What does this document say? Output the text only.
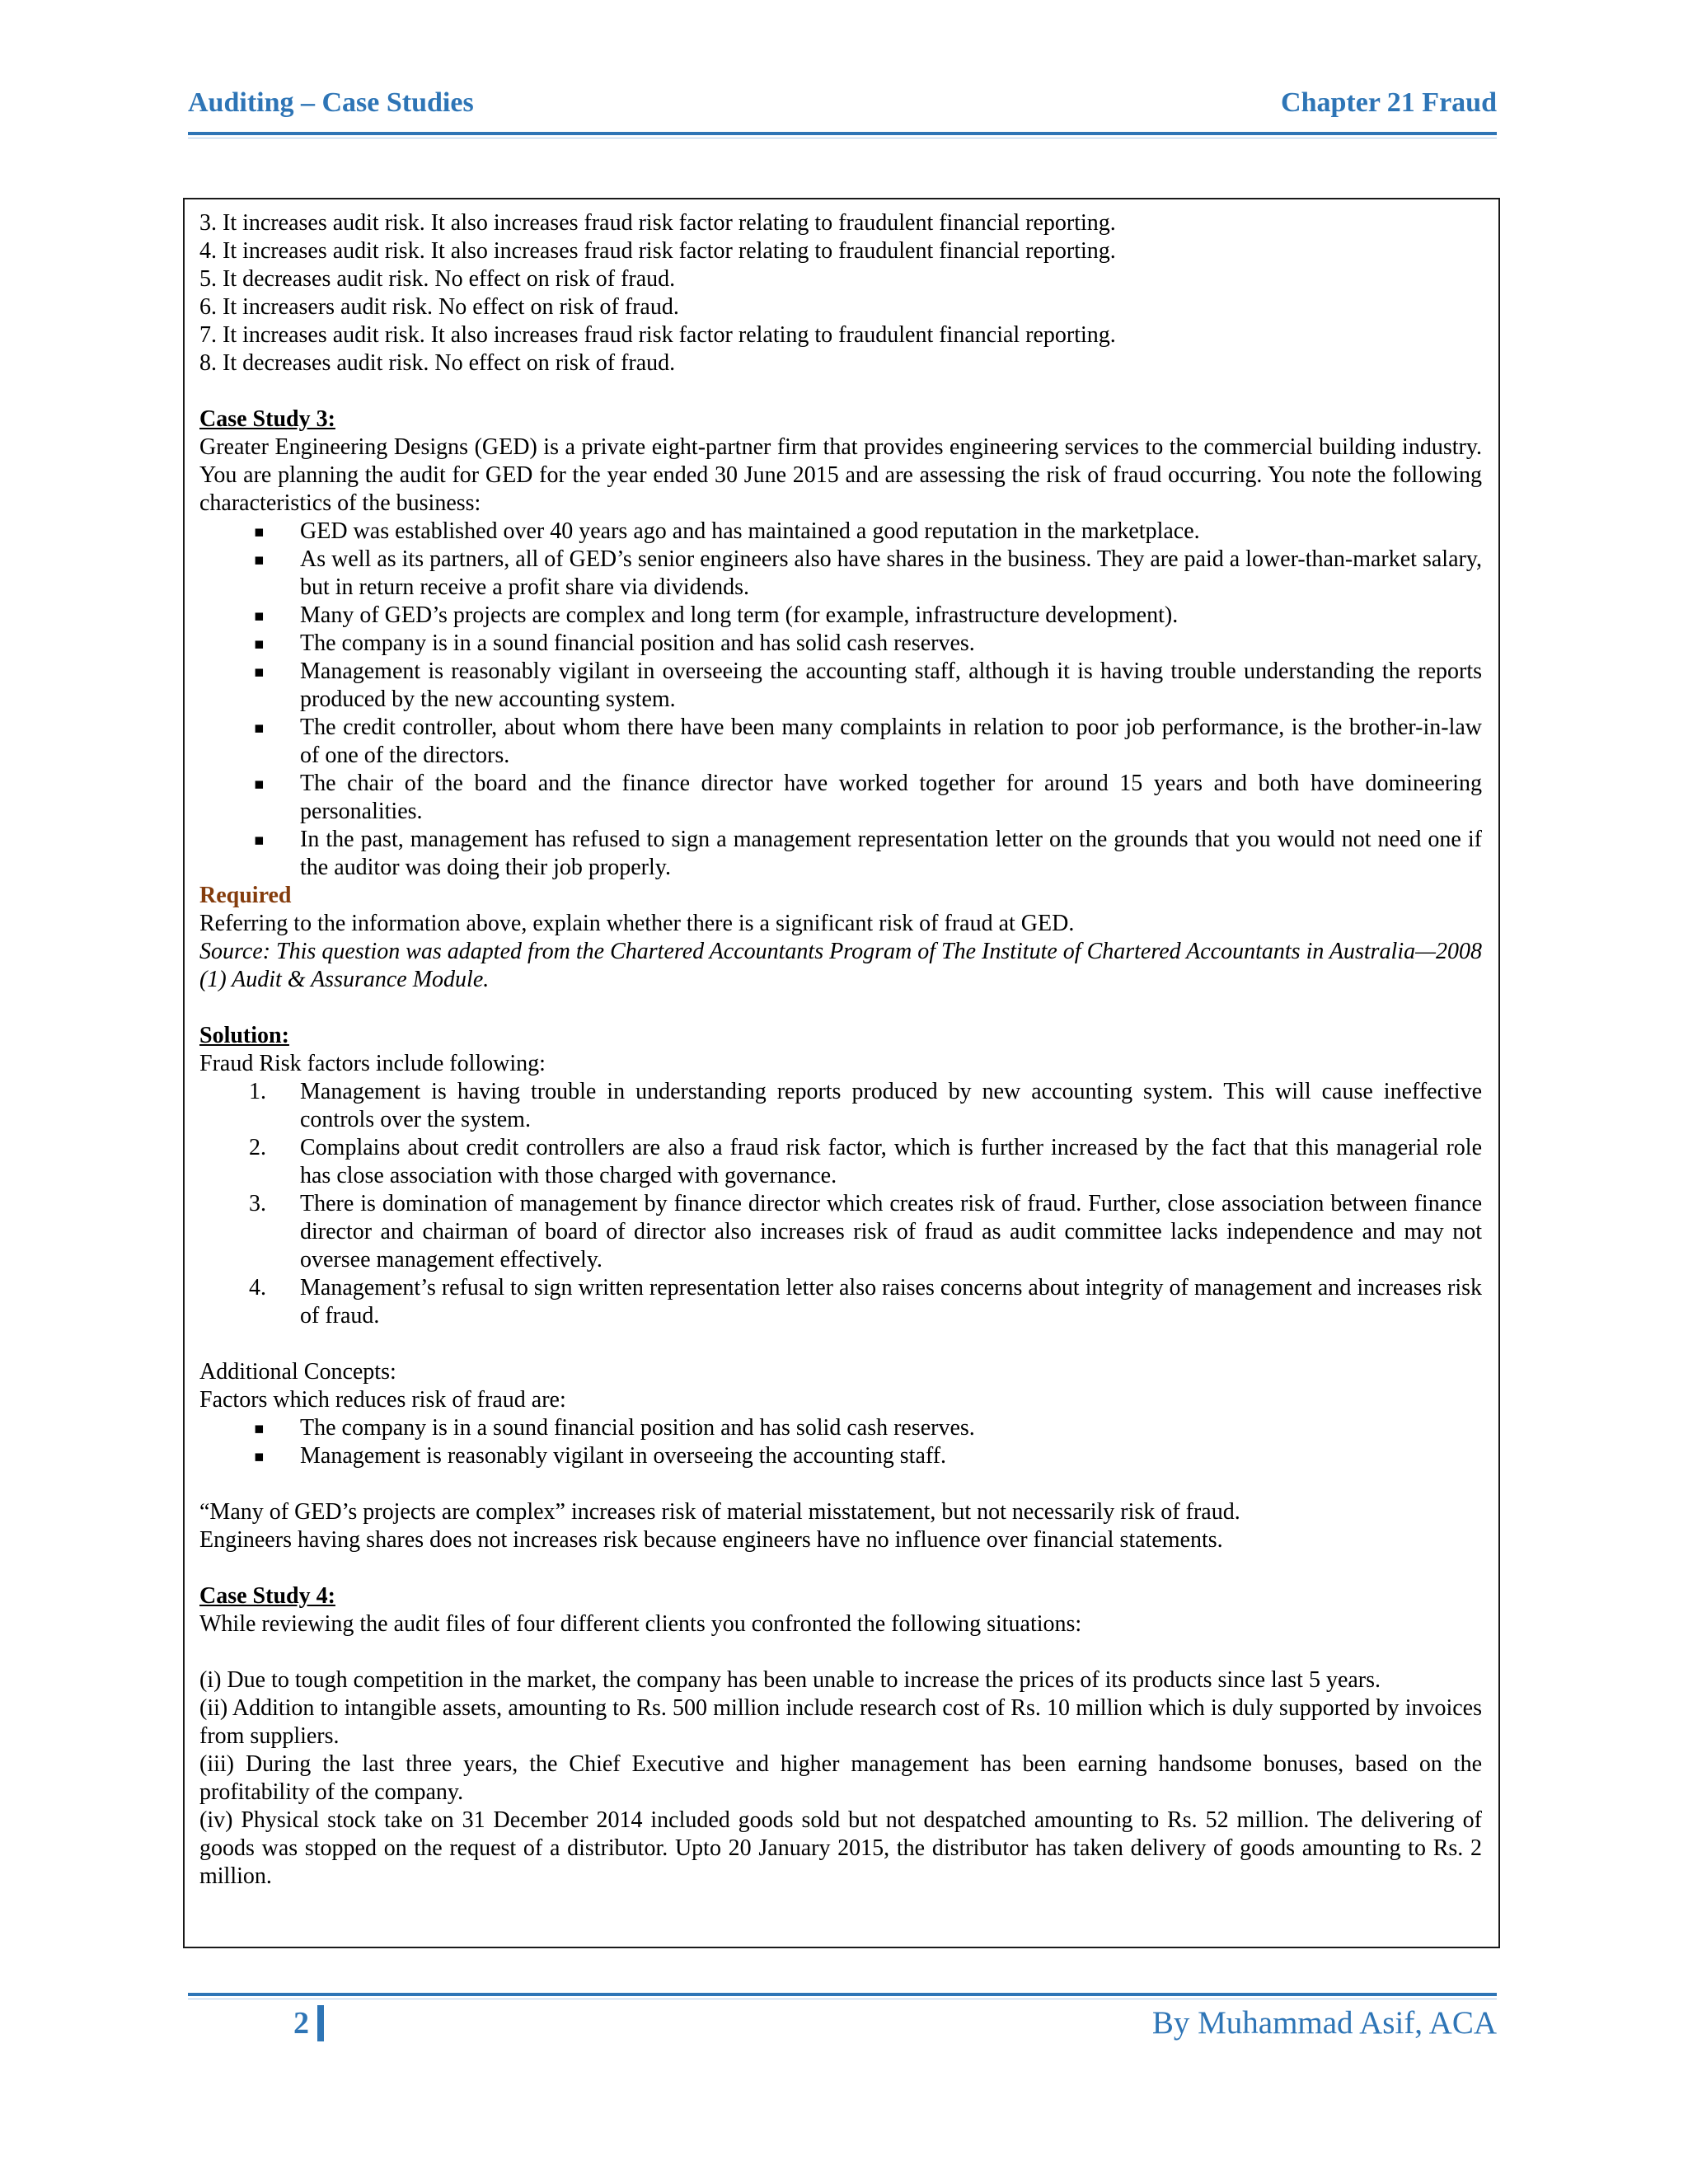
Auditing – Case Studies	Chapter 21 Fraud

3. It increases audit risk. It also increases fraud risk factor relating to fraudulent financial reporting.

4. It increases audit risk. It also increases fraud risk factor relating to fraudulent financial reporting.

5. It decreases audit risk. No effect on risk of fraud.

6. It increasers audit risk. No effect on risk of fraud.

7. It increases audit risk. It also increases fraud risk factor relating to fraudulent financial reporting.

8. It decreases audit risk. No effect on risk of fraud.

Case Study 3:

Greater Engineering Designs (GED) is a private eight-partner firm that provides engineering services to the commercial building industry. You are planning the audit for GED for the year ended 30 June 2015 and are assessing the risk of fraud occurring. You note the following characteristics of the business:

▪	GED was established over 40 years ago and has maintained a good reputation in the marketplace.
▪	As well as its partners, all of GED’s senior engineers also have shares in the business. They are paid a lower-than-market salary, but in return receive a profit share via dividends.
▪	Many of GED’s projects are complex and long term (for example, infrastructure development).
▪	The company is in a sound financial position and has solid cash reserves.
▪	Management is reasonably vigilant in overseeing the accounting staff, although it is having trouble understanding the reports produced by the new accounting system.
▪	The credit controller, about whom there have been many complaints in relation to poor job performance, is the brother-in-law of one of the directors.
▪	The chair of the board and the finance director have worked together for around 15 years and both have domineering personalities.
▪	In the past, management has refused to sign a management representation letter on the grounds that you would not need one if the auditor was doing their job properly.

Required

Referring to the information above, explain whether there is a significant risk of fraud at GED.

Source: This question was adapted from the Chartered Accountants Program of The Institute of Chartered Accountants in Australia—2008 (1) Audit & Assurance Module.

Solution:

Fraud Risk factors include following:

1.	Management is having trouble in understanding reports produced by new accounting system. This will cause ineffective controls over the system.
2.	Complains about credit controllers are also a fraud risk factor, which is further increased by the fact that this managerial role has close association with those charged with governance.
3.	There is domination of management by finance director which creates risk of fraud. Further, close association between finance director and chairman of board of director also increases risk of fraud as audit committee lacks independence and may not oversee management effectively.
4.	Management’s refusal to sign written representation letter also raises concerns about integrity of management and increases risk of fraud.

Additional Concepts:

Factors which reduces risk of fraud are:

▪	The company is in a sound financial position and has solid cash reserves.
▪	Management is reasonably vigilant in overseeing the accounting staff.

“Many of GED’s projects are complex” increases risk of material misstatement, but not necessarily risk of fraud.

Engineers having shares does not increases risk because engineers have no influence over financial statements.

Case Study 4:

While reviewing the audit files of four different clients you confronted the following situations:

(i) Due to tough competition in the market, the company has been unable to increase the prices of its products since last 5 years.

(ii) Addition to intangible assets, amounting to Rs. 500 million include research cost of Rs. 10 million which is duly supported by invoices from suppliers.

(iii) During the last three years, the Chief Executive and higher management has been earning handsome bonuses, based on the profitability of the company.

(iv) Physical stock take on 31 December 2014 included goods sold but not despatched amounting to Rs. 52 million. The delivering of goods was stopped on the request of a distributor. Upto 20 January 2015, the distributor has taken delivery of goods amounting to Rs. 2 million.

2	By Muhammad Asif, ACA
